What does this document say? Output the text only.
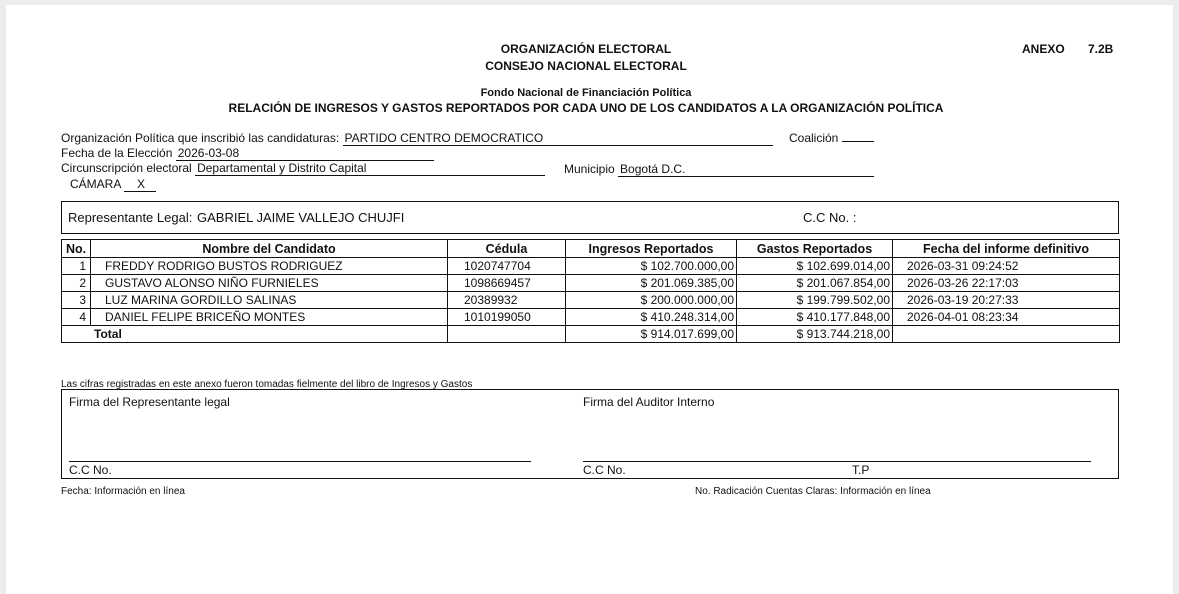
ORGANIZACIÓN ELECTORAL
CONSEJO NACIONAL ELECTORAL
ANEXO 7.2B
Fondo Nacional de Financiación Política
RELACIÓN DE INGRESOS Y GASTOS REPORTADOS POR CADA UNO DE LOS CANDIDATOS A LA ORGANIZACIÓN POLÍTICA
Organización Política que inscribió las candidaturas: PARTIDO CENTRO DEMOCRATICO	Coalición
Fecha de la Elección 2026-03-08
Circunscripción electoral Departamental y Distrito Capital	Municipio Bogotá D.C.
CÁMARA X
Representante Legal: GABRIEL JAIME VALLEJO CHUJFI	C.C No. :
No.	Nombre del Candidato	Cédula	Ingresos Reportados	Gastos Reportados	Fecha del informe definitivo
1	FREDDY RODRIGO BUSTOS RODRIGUEZ	1020747704	$ 102.700.000,00	$ 102.699.014,00	2026-03-31 09:24:52
2	GUSTAVO ALONSO NIÑO FURNIELES	1098669457	$ 201.069.385,00	$ 201.067.854,00	2026-03-26 22:17:03
3	LUZ MARINA GORDILLO SALINAS	20389932	$ 200.000.000,00	$ 199.799.502,00	2026-03-19 20:27:33
4	DANIEL FELIPE BRICEÑO MONTES	1010199050	$ 410.248.314,00	$ 410.177.848,00	2026-04-01 08:23:34
Total			$ 914.017.699,00	$ 913.744.218,00	
Las cifras registradas en este anexo fueron tomadas fielmente del libro de Ingresos y Gastos
Firma del Representante legal	Firma del Auditor Interno
C.C No.	C.C No.	T.P
Fecha: Información en línea	No. Radicación Cuentas Claras: Información en línea
